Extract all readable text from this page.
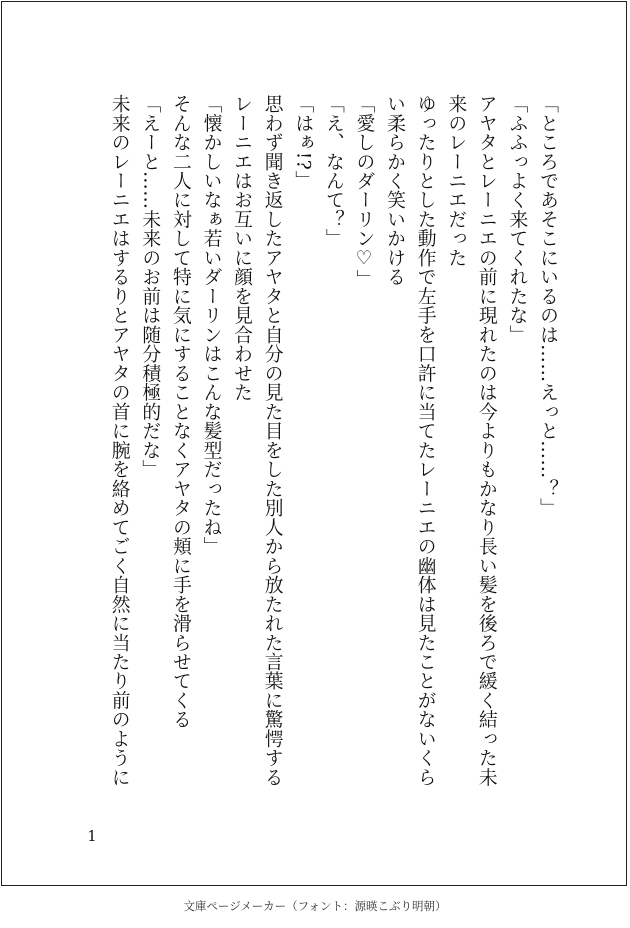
「ところであそこにいるのは……えっと……？」

「ふふっよく来てくれたな」

アヤタとレーニエの前に現れたのは今よりもかなり長い髪を後ろで緩く結った未

来のレーニエだった

ゆったりとした動作で左手を口許に当てたレーニエの幽体は見たことがないくら

い柔らかく笑いかける

「愛しのダーリン♡」

「え、なんて？」

「はぁ!?」

思わず聞き返したアヤタと自分の見た目をした別人から放たれた言葉に驚愕する

レーニエはお互いに顔を見合わせた

「懐かしいなぁ若いダーリンはこんな髪型だったね」

そんな二人に対して特に気にすることなくアヤタの頬に手を滑らせてくる

「えーと……未来のお前は随分積極的だな」

未来のレーニエはするりとアヤタの首に腕を絡めてごく自然に当たり前のように

1
文庫ページメーカー（フォント：源暎こぶり明朝）
